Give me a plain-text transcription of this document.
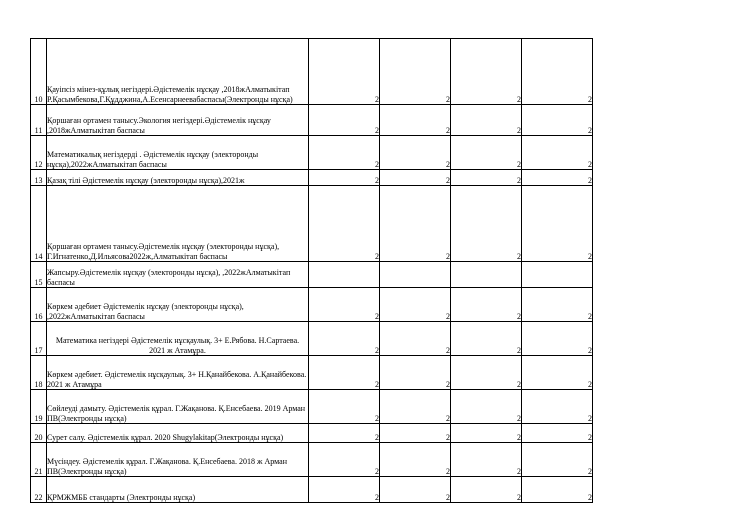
10	Қауіпсіз мінез-құлық негіздері.Әдістемелік нұсқау ,2018жАлматыкітап Р.Қасымбекова,Г.Құдджина,А.Есенсарнеевабаспасы(Электронды нұсқа)	2	2	2	2
11	Қоршаған ортамен танысу.Экология негіздері.Әдістемелік нұсқау ,2018жАлматыкітап баспасы	2	2	2	2
12	Математикалық негіздерді . Әдістемелік нұсқау (электоронды нұсқа),2022жАлматыкітап баспасы	2	2	2	2
13	Қазақ тілі Әдістемелік нұсқау (электоронды нұсқа),2021ж	2	2	2	2
14	Қоршаған ортамен танысу.Әдістемелік нұсқау (электоронды нұсқа), Г.Игнатенко,Д.Ильясова2022ж,Алматыкітап баспасы	2	2	2	2
15	Жапсыру.Әдістемелік нұсқау (электоронды нұсқа), ,2022жАлматыкітап баспасы				

16	Көркем әдебиет Әдістемелік нұсқау (электоронды нұсқа), ,2022жАлматыкітап баспасы	2	2	2	2
17	Математика негіздері Әдістемелік нұсқаулық. 3+ Е.Рябова. Н.Сартаева. 2021 ж Атамұра.	2	2	2	2
18	Көркем әдебиет. Әдістемелік нұсқаулық. 3+ Н.Қанайбекова. А.Қанайбекова. 2021 ж Атамұра	2	2	2	2
19	Сөйлеуді дамыту. Әдістемелік құрал. Г.Жақанова. Қ.Енсебаева. 2019 Арман ПВ(Электронды нұсқа)	2	2	2	2
20	Сурет салу. Әдістемелік құрал. 2020 Shugylakitap(Электронды нұсқа)	2	2	2	2
21	Мүсіндеу. Әдістемелік құрал. Г.Жақанова. Қ.Енсебаева. 2018 ж Арман ПВ(Электронды нұсқа)	2	2	2	2
22	ҚРМЖМББ стандарты (Электронды нұсқа)	2	2	2	2
